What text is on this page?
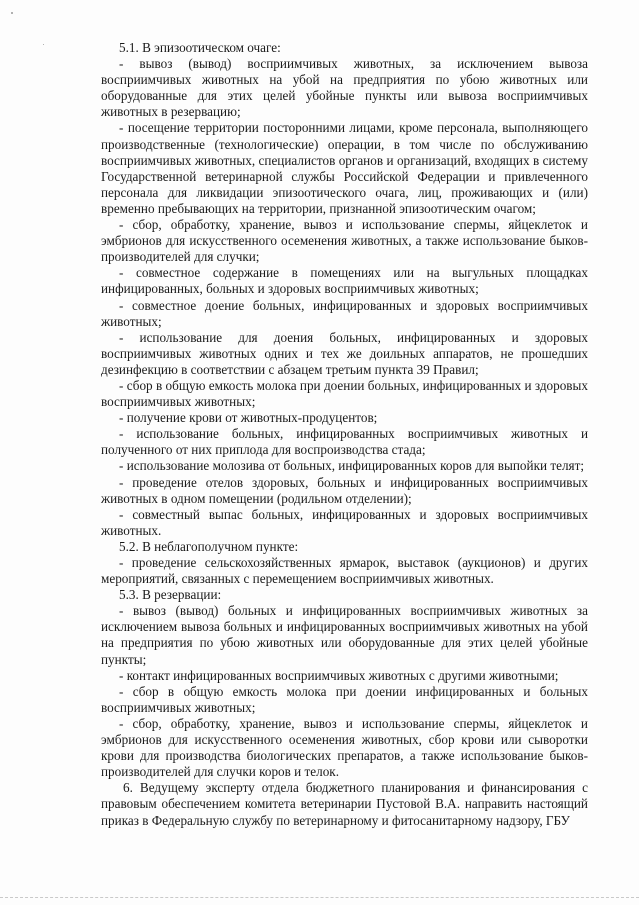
5.1. В эпизоотическом очаге:

- вывоз (вывод) восприимчивых животных, за исключением вывоза восприимчивых животных на убой на предприятия по убою животных или оборудованные для этих целей убойные пункты или вывоза восприимчивых животных в резервацию;

- посещение территории посторонними лицами, кроме персонала, выполняющего производственные (технологические) операции, в том числе по обслуживанию восприимчивых животных, специалистов органов и организаций, входящих в систему Государственной ветеринарной службы Российской Федерации и привлеченного персонала для ликвидации эпизоотического очага, лиц, проживающих и (или) временно пребывающих на территории, признанной эпизоотическим очагом;

- сбор, обработку, хранение, вывоз и использование спермы, яйцеклеток и эмбрионов для искусственного осеменения животных, а также использование быков-производителей для случки;

- совместное содержание в помещениях или на выгульных площадках инфицированных, больных и здоровых восприимчивых животных;

- совместное доение больных, инфицированных и здоровых восприимчивых животных;

- использование для доения больных, инфицированных и здоровых восприимчивых животных одних и тех же доильных аппаратов, не прошедших дезинфекцию в соответствии с абзацем третьим пункта 39 Правил;

- сбор в общую емкость молока при доении больных, инфицированных и здоровых восприимчивых животных;

- получение крови от животных-продуцентов;

- использование больных, инфицированных восприимчивых животных и полученного от них приплода для воспроизводства стада;

- использование молозива от больных, инфицированных коров для выпойки телят;

- проведение отелов здоровых, больных и инфицированных восприимчивых животных в одном помещении (родильном отделении);

- совместный выпас больных, инфицированных и здоровых восприимчивых животных.

5.2. В неблагополучном пункте:

- проведение сельскохозяйственных ярмарок, выставок (аукционов) и других мероприятий, связанных с перемещением восприимчивых животных.

5.3. В резервации:

- вывоз (вывод) больных и инфицированных восприимчивых животных за исключением вывоза больных и инфицированных восприимчивых животных на убой на предприятия по убою животных или оборудованные для этих целей убойные пункты;

- контакт инфицированных восприимчивых животных с другими животными;

- сбор в общую емкость молока при доении инфицированных и больных восприимчивых животных;

- сбор, обработку, хранение, вывоз и использование спермы, яйцеклеток и эмбрионов для искусственного осеменения животных, сбор крови или сыворотки крови для производства биологических препаратов, а также использование быков-производителей для случки коров и телок.

6. Ведущему эксперту отдела бюджетного планирования и финансирования с правовым обеспечением комитета ветеринарии Пустовой В.А. направить настоящий приказ в Федеральную службу по ветеринарному и фитосанитарному надзору, ГБУ
